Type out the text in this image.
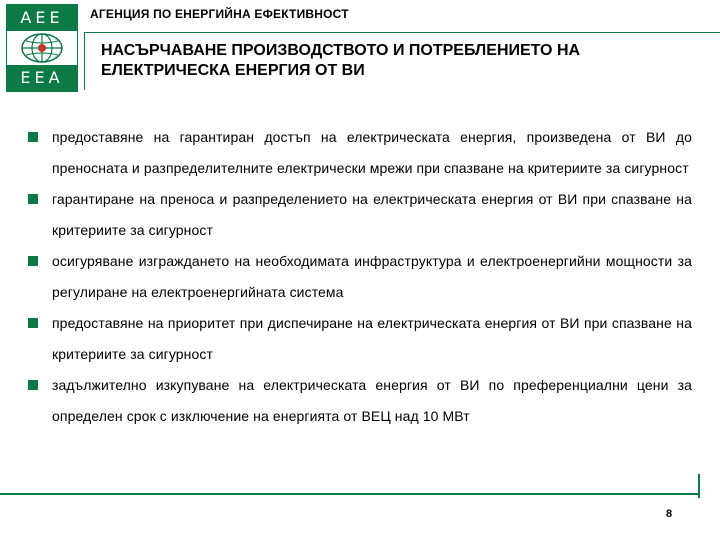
AEE
EEA
АГЕНЦИЯ ПО ЕНЕРГИЙНА ЕФЕКТИВНОСТ
НАСЪРЧАВАНЕ ПРОИЗВОДСТВОТО И ПОТРЕБЛЕНИЕТО НА ЕЛЕКТРИЧЕСКА ЕНЕРГИЯ ОТ ВИ
предоставяне на гарантиран достъп на електрическата енергия, произведена от ВИ до преносната и разпределителните електрически мрежи при спазване на критериите за сигурност
гарантиране на преноса и разпределението на електрическата енергия от ВИ при спазване на критериите за сигурност
осигуряване изграждането на необходимата инфраструктура и електроенергийни мощности за регулиране на електроенергийната система
предоставяне на приоритет при диспечиране на електрическата енергия от ВИ при спазване на критериите за сигурност
задължително изкупуване на електрическата енергия от ВИ по преференциални цени за определен срок с изключение на енергията от ВЕЦ над 10 МВт
8
